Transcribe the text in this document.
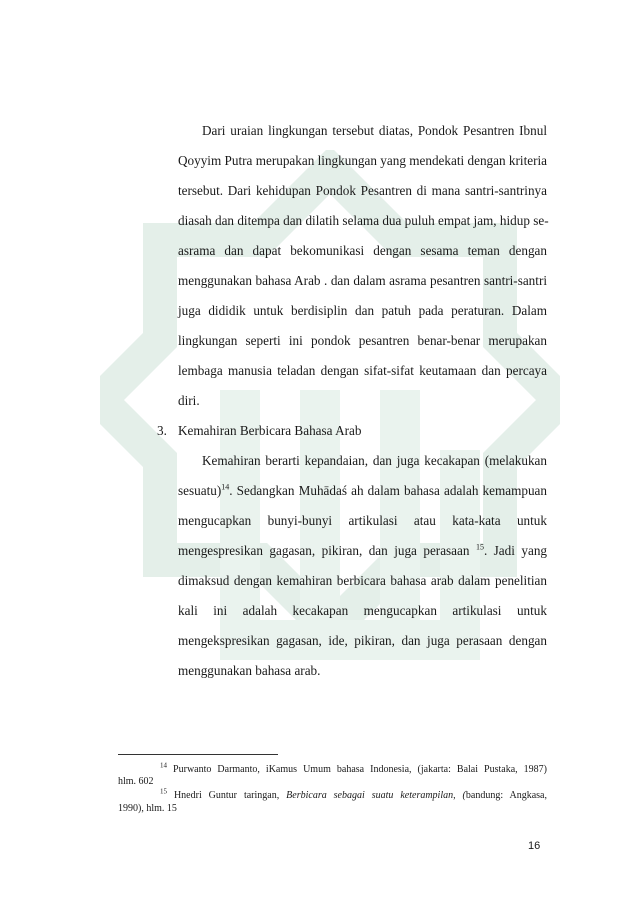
Dari uraian lingkungan tersebut diatas, Pondok Pesantren Ibnul
Qoyyim Putra merupakan lingkungan yang mendekati dengan kriteria
tersebut. Dari kehidupan Pondok Pesantren di mana santri-santrinya
diasah dan ditempa dan dilatih selama dua puluh empat jam, hidup se-
asrama dan dapat bekomunikasi dengan sesama teman dengan
menggunakan bahasa Arab . dan dalam asrama pesantren santri-santri
juga dididik untuk berdisiplin dan patuh pada peraturan. Dalam
lingkungan seperti ini pondok pesantren benar-benar merupakan
lembaga manusia teladan dengan sifat-sifat keutamaan dan percaya
diri.
3. Kemahiran Berbicara Bahasa Arab
Kemahiran berarti kepandaian, dan juga kecakapan (melakukan
sesuatu)$^{14}$. Sedangkan Muhādaś ah dalam bahasa adalah kemampuan
mengucapkan bunyi-bunyi artikulasi atau kata-kata untuk
mengespresikan gagasan, pikiran, dan juga perasaan $^{15}$. Jadi yang
dimaksud dengan kemahiran berbicara bahasa arab dalam penelitian
kali ini adalah kecakapan mengucapkan artikulasi untuk
mengekspresikan gagasan, ide, pikiran, dan juga perasaan dengan
menggunakan bahasa arab.
$^{14}$ Purwanto Darmanto, iKamus Umum bahasa Indonesia, (jakarta: Balai Pustaka, 1987)
hlm. 602
$^{15}$ Hnedri Guntur taringan, Berbicara sebagai suatu keterampilan, (bandung: Angkasa,
1990), hlm. 15
16
